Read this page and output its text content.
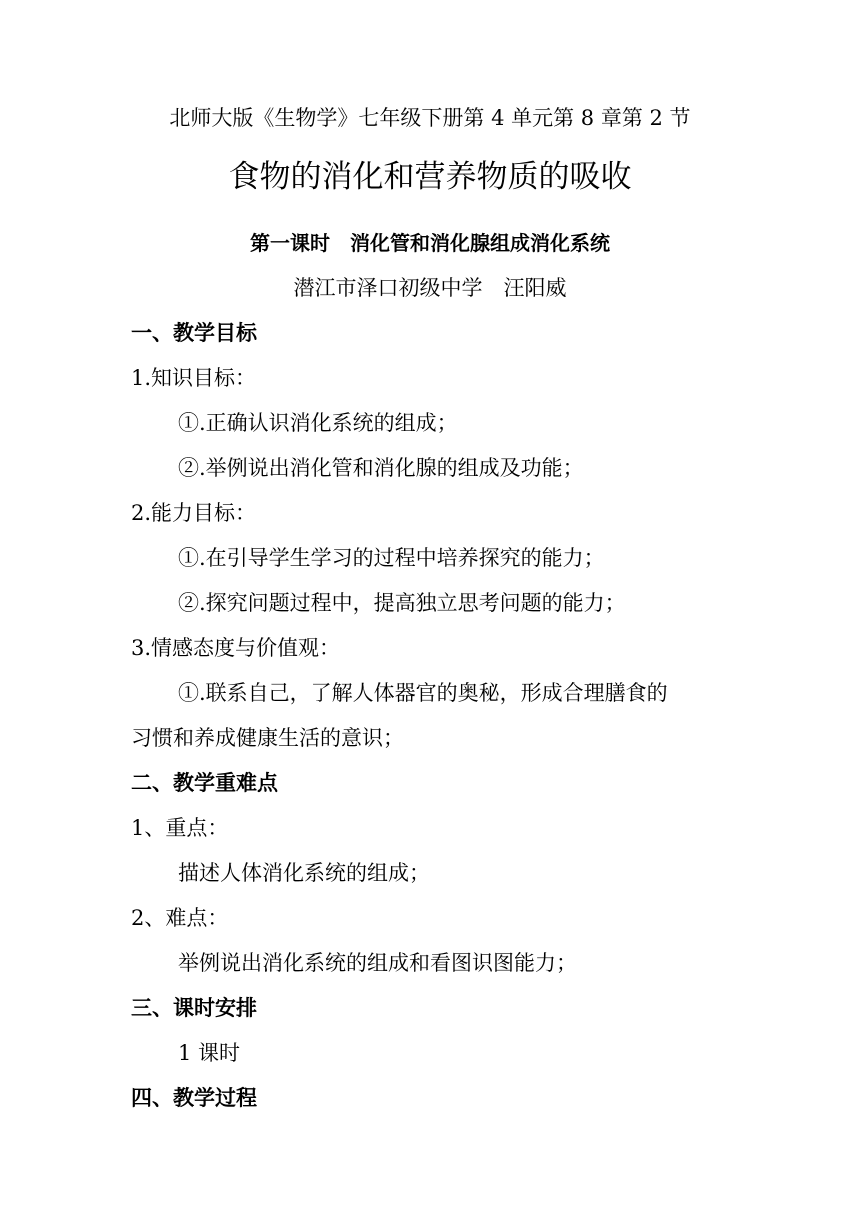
北师大版《生物学》七年级下册第 4 单元第 8 章第 2 节
食物的消化和营养物质的吸收
第一课时　消化管和消化腺组成消化系统
潜江市泽口初级中学　汪阳威
一、教学目标
1.知识目标：
①.正确认识消化系统的组成；
②.举例说出消化管和消化腺的组成及功能；
2.能力目标：
①.在引导学生学习的过程中培养探究的能力；
②.探究问题过程中，提高独立思考问题的能力；
3.情感态度与价值观：
①.联系自己，了解人体器官的奥秘，形成合理膳食的
习惯和养成健康生活的意识；
二、教学重难点
1、重点：
描述人体消化系统的组成；
2、难点：
举例说出消化系统的组成和看图识图能力；
三、课时安排
1 课时
四、教学过程
